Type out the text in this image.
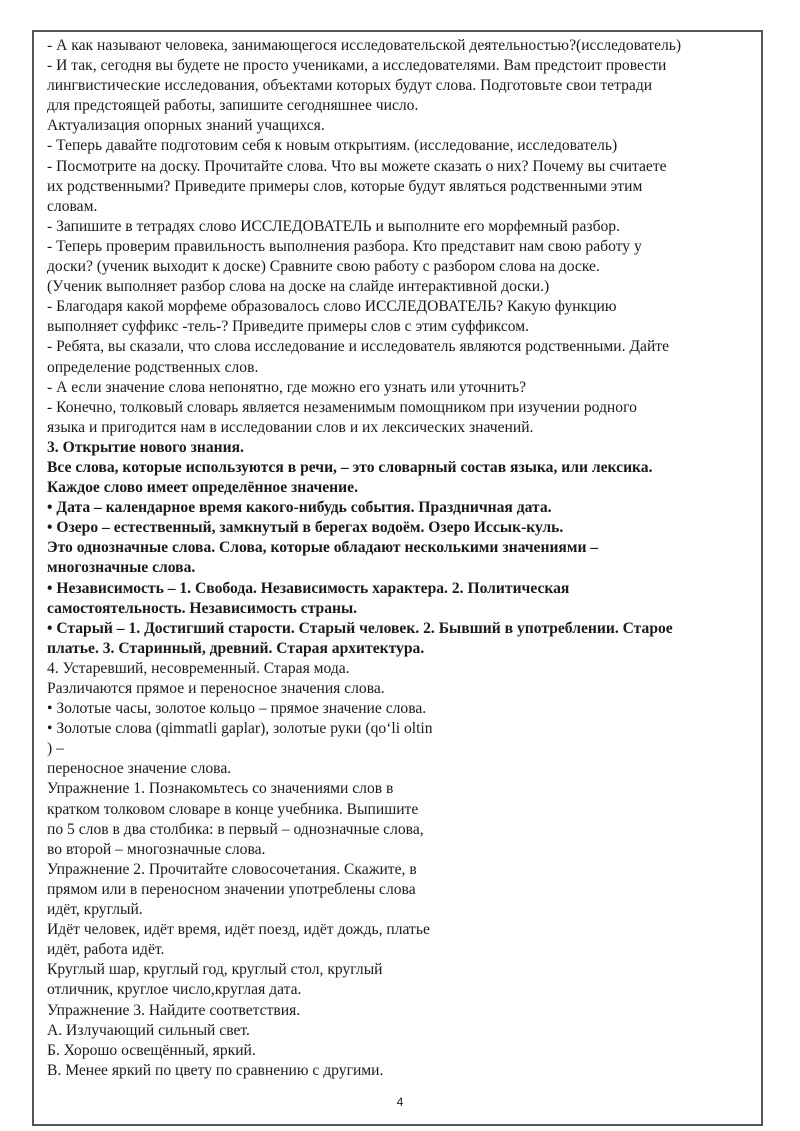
- А как называют человека, занимающегося исследовательской деятельностью?(исследователь)

- И так, сегодня вы будете не просто учениками, а исследователями. Вам предстоит провести

лингвистические исследования, объектами которых будут слова. Подготовьте свои тетради

для предстоящей работы, запишите сегодняшнее число.

Актуализация опорных знаний учащихся.

- Теперь давайте подготовим себя к новым открытиям. (исследование, исследователь)

- Посмотрите на доску. Прочитайте слова. Что вы можете сказать о них? Почему вы считаете

их родственными? Приведите примеры слов, которые будут являться родственными этим

словам.

- Запишите в тетрадях слово ИССЛЕДОВАТЕЛЬ и выполните его морфемный разбор.

- Теперь проверим правильность выполнения разбора. Кто представит нам свою работу у

доски? (ученик выходит к доске) Сравните свою работу с разбором слова на доске.

(Ученик выполняет разбор слова на доске на слайде интерактивной доски.)

- Благодаря какой морфеме образовалось слово ИССЛЕДОВАТЕЛЬ? Какую функцию

выполняет суффикс -тель-? Приведите примеры слов с этим суффиксом.

- Ребята, вы сказали, что слова исследование и исследователь являются родственными. Дайте

определение родственных слов.

- А если значение слова непонятно, где можно его узнать или уточнить?

- Конечно, толковый словарь является незаменимым помощником при изучении родного

языка и пригодится нам в исследовании слов и их лексических значений.

3. Открытие нового знания.

Все слова, которые используются в речи, – это словарный состав языка, или лексика.

Каждое слово имеет определённое значение.

• Дата – календарное время какого-нибудь события. Праздничная дата.

• Озеро – естественный, замкнутый в берегах водоём. Озеро Иссык-куль.

Это однозначные слова. Слова, которые обладают несколькими значениями –

многозначные слова.

• Независимость – 1. Свобода. Независимость характера. 2. Политическая

самостоятельность. Независимость страны.

• Старый – 1. Достигший старости. Старый человек. 2. Бывший в употреблении. Старое

платье. 3. Старинный, древний. Старая архитектура.

4. Устаревший, несовременный. Старая мода.

Различаются прямое и переносное значения слова.

• Золотые часы, золотое кольцо – прямое значение слова.

• Золотые слова (qimmatli gaplar), золотые руки (qo‘li oltin

) –

переносное значение слова.

Упражнение 1. Познакомьтесь со значениями слов в

кратком толковом словаре в конце учебника. Выпишите

по 5 слов в два столбика: в первый – однозначные слова,

во второй – многозначные слова.

Упражнение 2. Прочитайте словосочетания. Скажите, в

прямом или в переносном значении употреблены слова

идёт, круглый.

Идёт человек, идёт время, идёт поезд, идёт дождь, платье

идёт, работа идёт.

Круглый шар, круглый год, круглый стол, круглый

отличник, круглое число,круглая дата.

Упражнение 3. Найдите соответствия.

А. Излучающий сильный свет.

Б. Хорошо освещённый, яркий.

В. Менее яркий по цвету по сравнению с другими.

4
